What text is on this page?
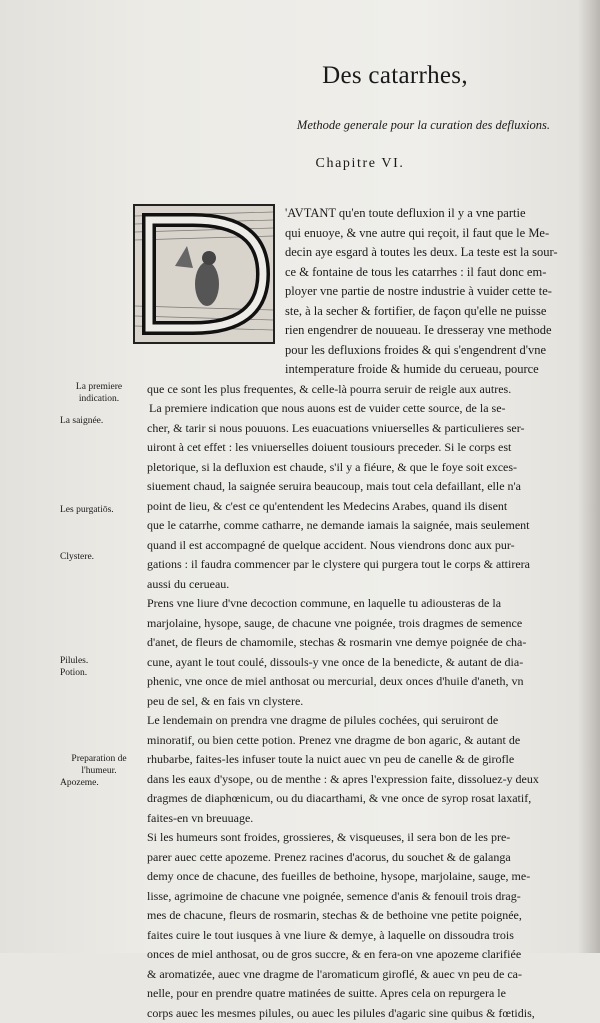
Des catarrhes,
Methode generale pour la curation des defluxions.
Chapitre VI.
'AVTANT qu'en toute defluxion il y a vne partie
qui enuoye, & vne autre qui reçoit, il faut que le Me-
decin aye esgard à toutes les deux. La teste est la sour-
ce & fontaine de tous les catarrhes : il faut donc em-
ployer vne partie de nostre industrie à vuider cette te-
ste, à la secher & fortifier, de façon qu'elle ne puisse
rien engendrer de nouueau. Ie dresseray vne methode
pour les defluxions froides & qui s'engendrent d'vne
intemperature froide & humide du cerueau, pource
que ce sont les plus frequentes, & celle-là pourra seruir de reigle aux autres.
La premiere indication que nous auons est de vuider cette source, de la se-
cher, & tarir si nous pouuons. Les euacuations vniuerselles & particulieres ser-
uiront à cet effet : les vniuerselles doiuent tousiours preceder. Si le corps est
pletorique, si la defluxion est chaude, s'il y a fiéure, & que le foye soit exces-
siuement chaud, la saignée seruira beaucoup, mais tout cela defaillant, elle n'a
point de lieu, & c'est ce qu'entendent les Medecins Arabes, quand ils disent
que le catarrhe, comme catharre, ne demande iamais la saignée, mais seulement
quand il est accompagné de quelque accident. Nous viendrons donc aux pur-
gations : il faudra commencer par le clystere qui purgera tout le corps & attirera
aussi du cerueau.
Prens vne liure d'vne decoction commune, en laquelle tu adiousteras de la
marjolaine, hysope, sauge, de chacune vne poignée, trois dragmes de semence
d'anet, de fleurs de chamomile, stechas & rosmarin vne demye poignée de cha-
cune, ayant le tout coulé, dissouls-y vne once de la benedicte, & autant de dia-
phenic, vne once de miel anthosat ou mercurial, deux onces d'huile d'aneth, vn
peu de sel, & en fais vn clystere.
Le lendemain on prendra vne dragme de pilules cochées, qui seruiront de
minoratif, ou bien cette potion. Prenez vne dragme de bon agaric, & autant de
rhubarbe, faites-les infuser toute la nuict auec vn peu de canelle & de girofle
dans les eaux d'ysope, ou de menthe : & apres l'expression faite, dissoluez-y deux
dragmes de diaphœnicum, ou du diacarthami, & vne once de syrop rosat laxatif,
faites-en vn breuuage.
Si les humeurs sont froides, grossieres, & visqueuses, il sera bon de les pre-
parer auec cette apozeme. Prenez racines d'acorus, du souchet & de galanga
demy once de chacune, des fueilles de bethoine, hysope, marjolaine, sauge, me-
lisse, agrimoine de chacune vne poignée, semence d'anis & fenouil trois drag-
mes de chacune, fleurs de rosmarin, stechas & de bethoine vne petite poignée,
faites cuire le tout iusques à vne liure & demye, à laquelle on dissoudra trois
onces de miel anthosat, ou de gros succre, & en fera-on vne apozeme clarifiée
& aromatizée, auec vne dragme de l'aromaticum giroflé, & auec vn peu de ca-
nelle, pour en prendre quatre matinées de suitte. Apres cela on repurgera le
corps auec les mesmes pilules, ou auec les pilules d'agaric sine quibus & fœtidis,
La premiere indication.
La saignée.
Les purgatiōs.
Clystere.
Pilules.
Potion.
Preparation de l'humeur.
Apozeme.
